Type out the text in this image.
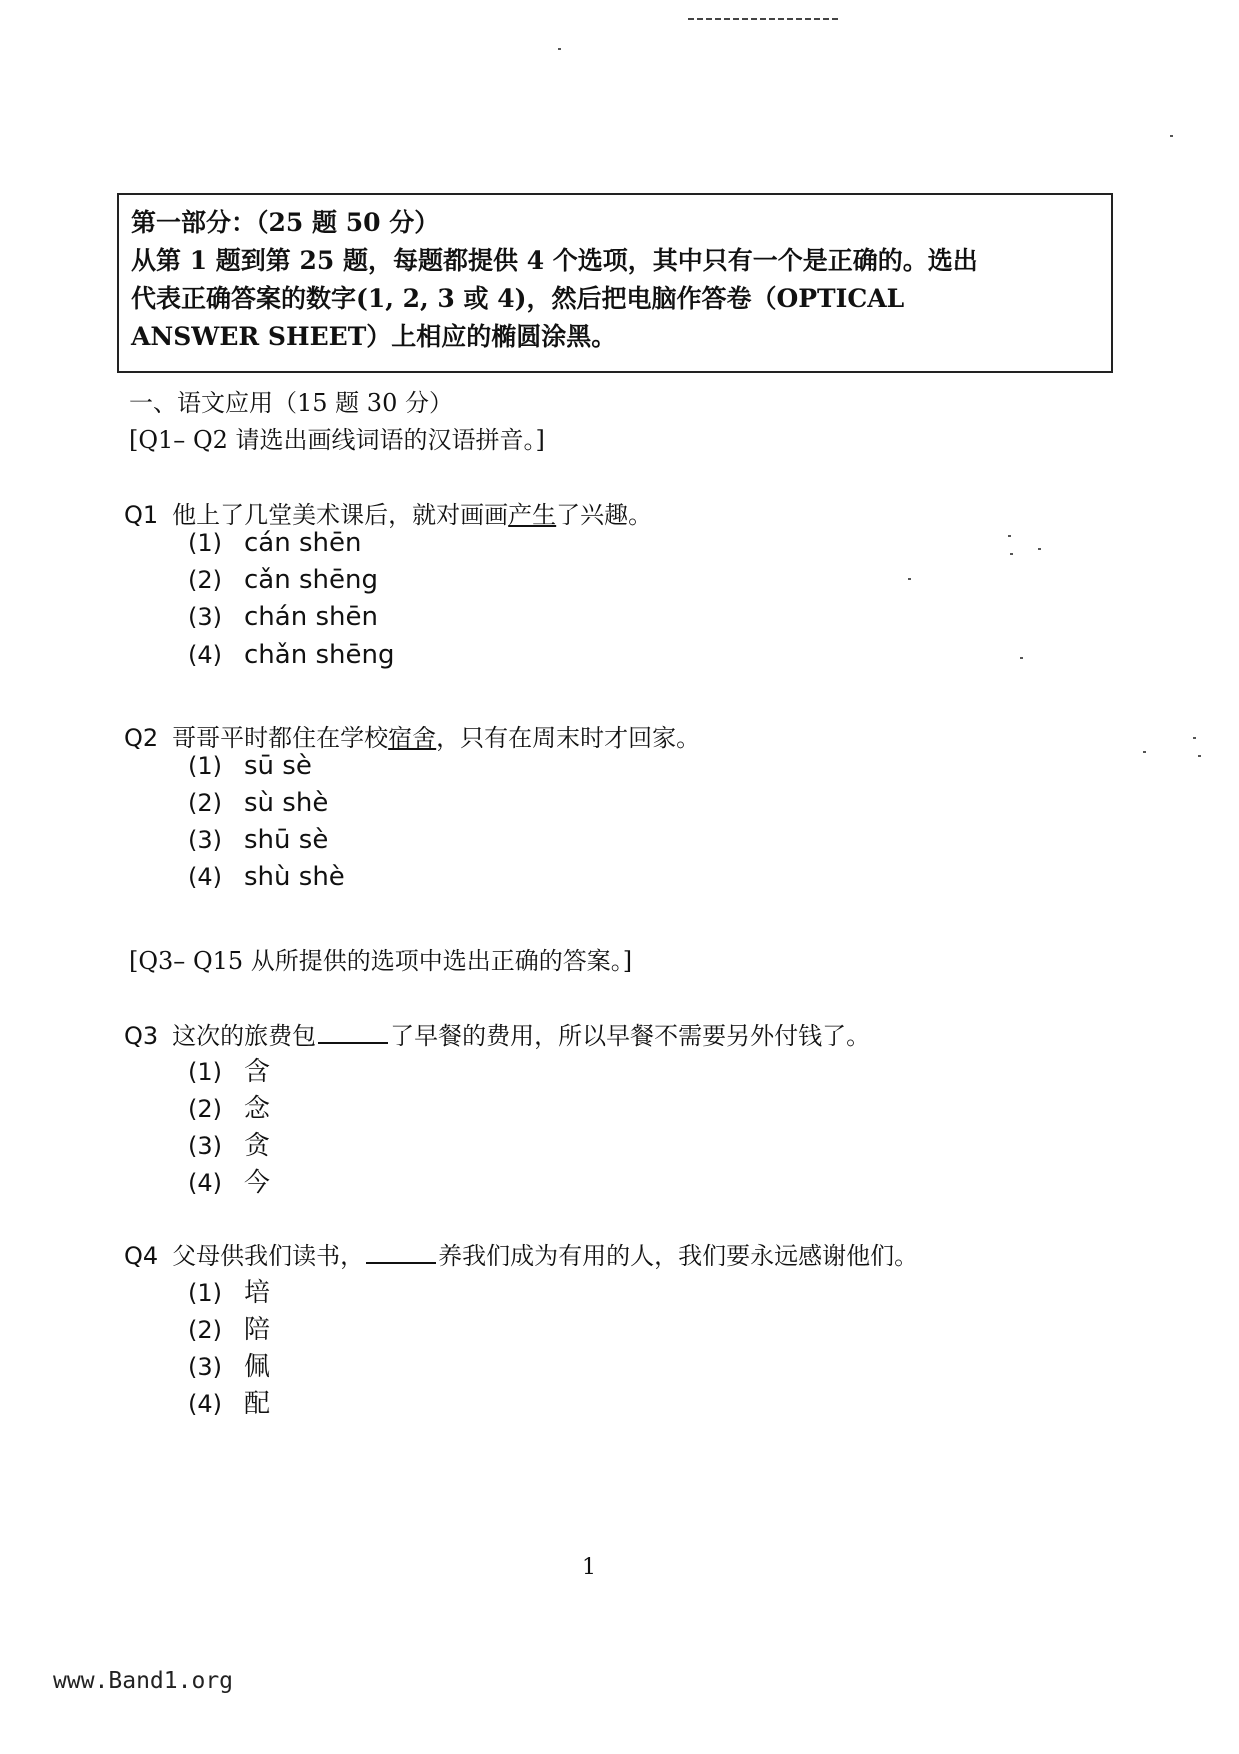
第一部分：（25 题 50 分）
从第 1 题到第 25 题，每题都提供 4 个选项，其中只有一个是正确的。选出
代表正确答案的数字(1, 2, 3 或 4)，然后把电脑作答卷（OPTICAL
ANSWER SHEET）上相应的椭圆涂黑。
一、语文应用（15 题 30 分）
[Q1– Q2 请选出画线词语的汉语拼音。]
Q1 他上了几堂美术课后，就对画画产生了兴趣。
(1) cán shēn
(2) cǎn shēng
(3) chán shēn
(4) chǎn shēng
Q2 哥哥平时都住在学校宿舍，只有在周末时才回家。
(1) sū sè
(2) sù shè
(3) shū sè
(4) shù shè
[Q3– Q15 从所提供的选项中选出正确的答案。]
Q3 这次的旅费包	了早餐的费用，所以早餐不需要另外付钱了。
(1) 含
(2) 念
(3) 贪
(4) 今
Q4 父母供我们读书，	养我们成为有用的人，我们要永远感谢他们。
(1) 培
(2) 陪
(3) 佩
(4) 配
1
www.Band1.org
